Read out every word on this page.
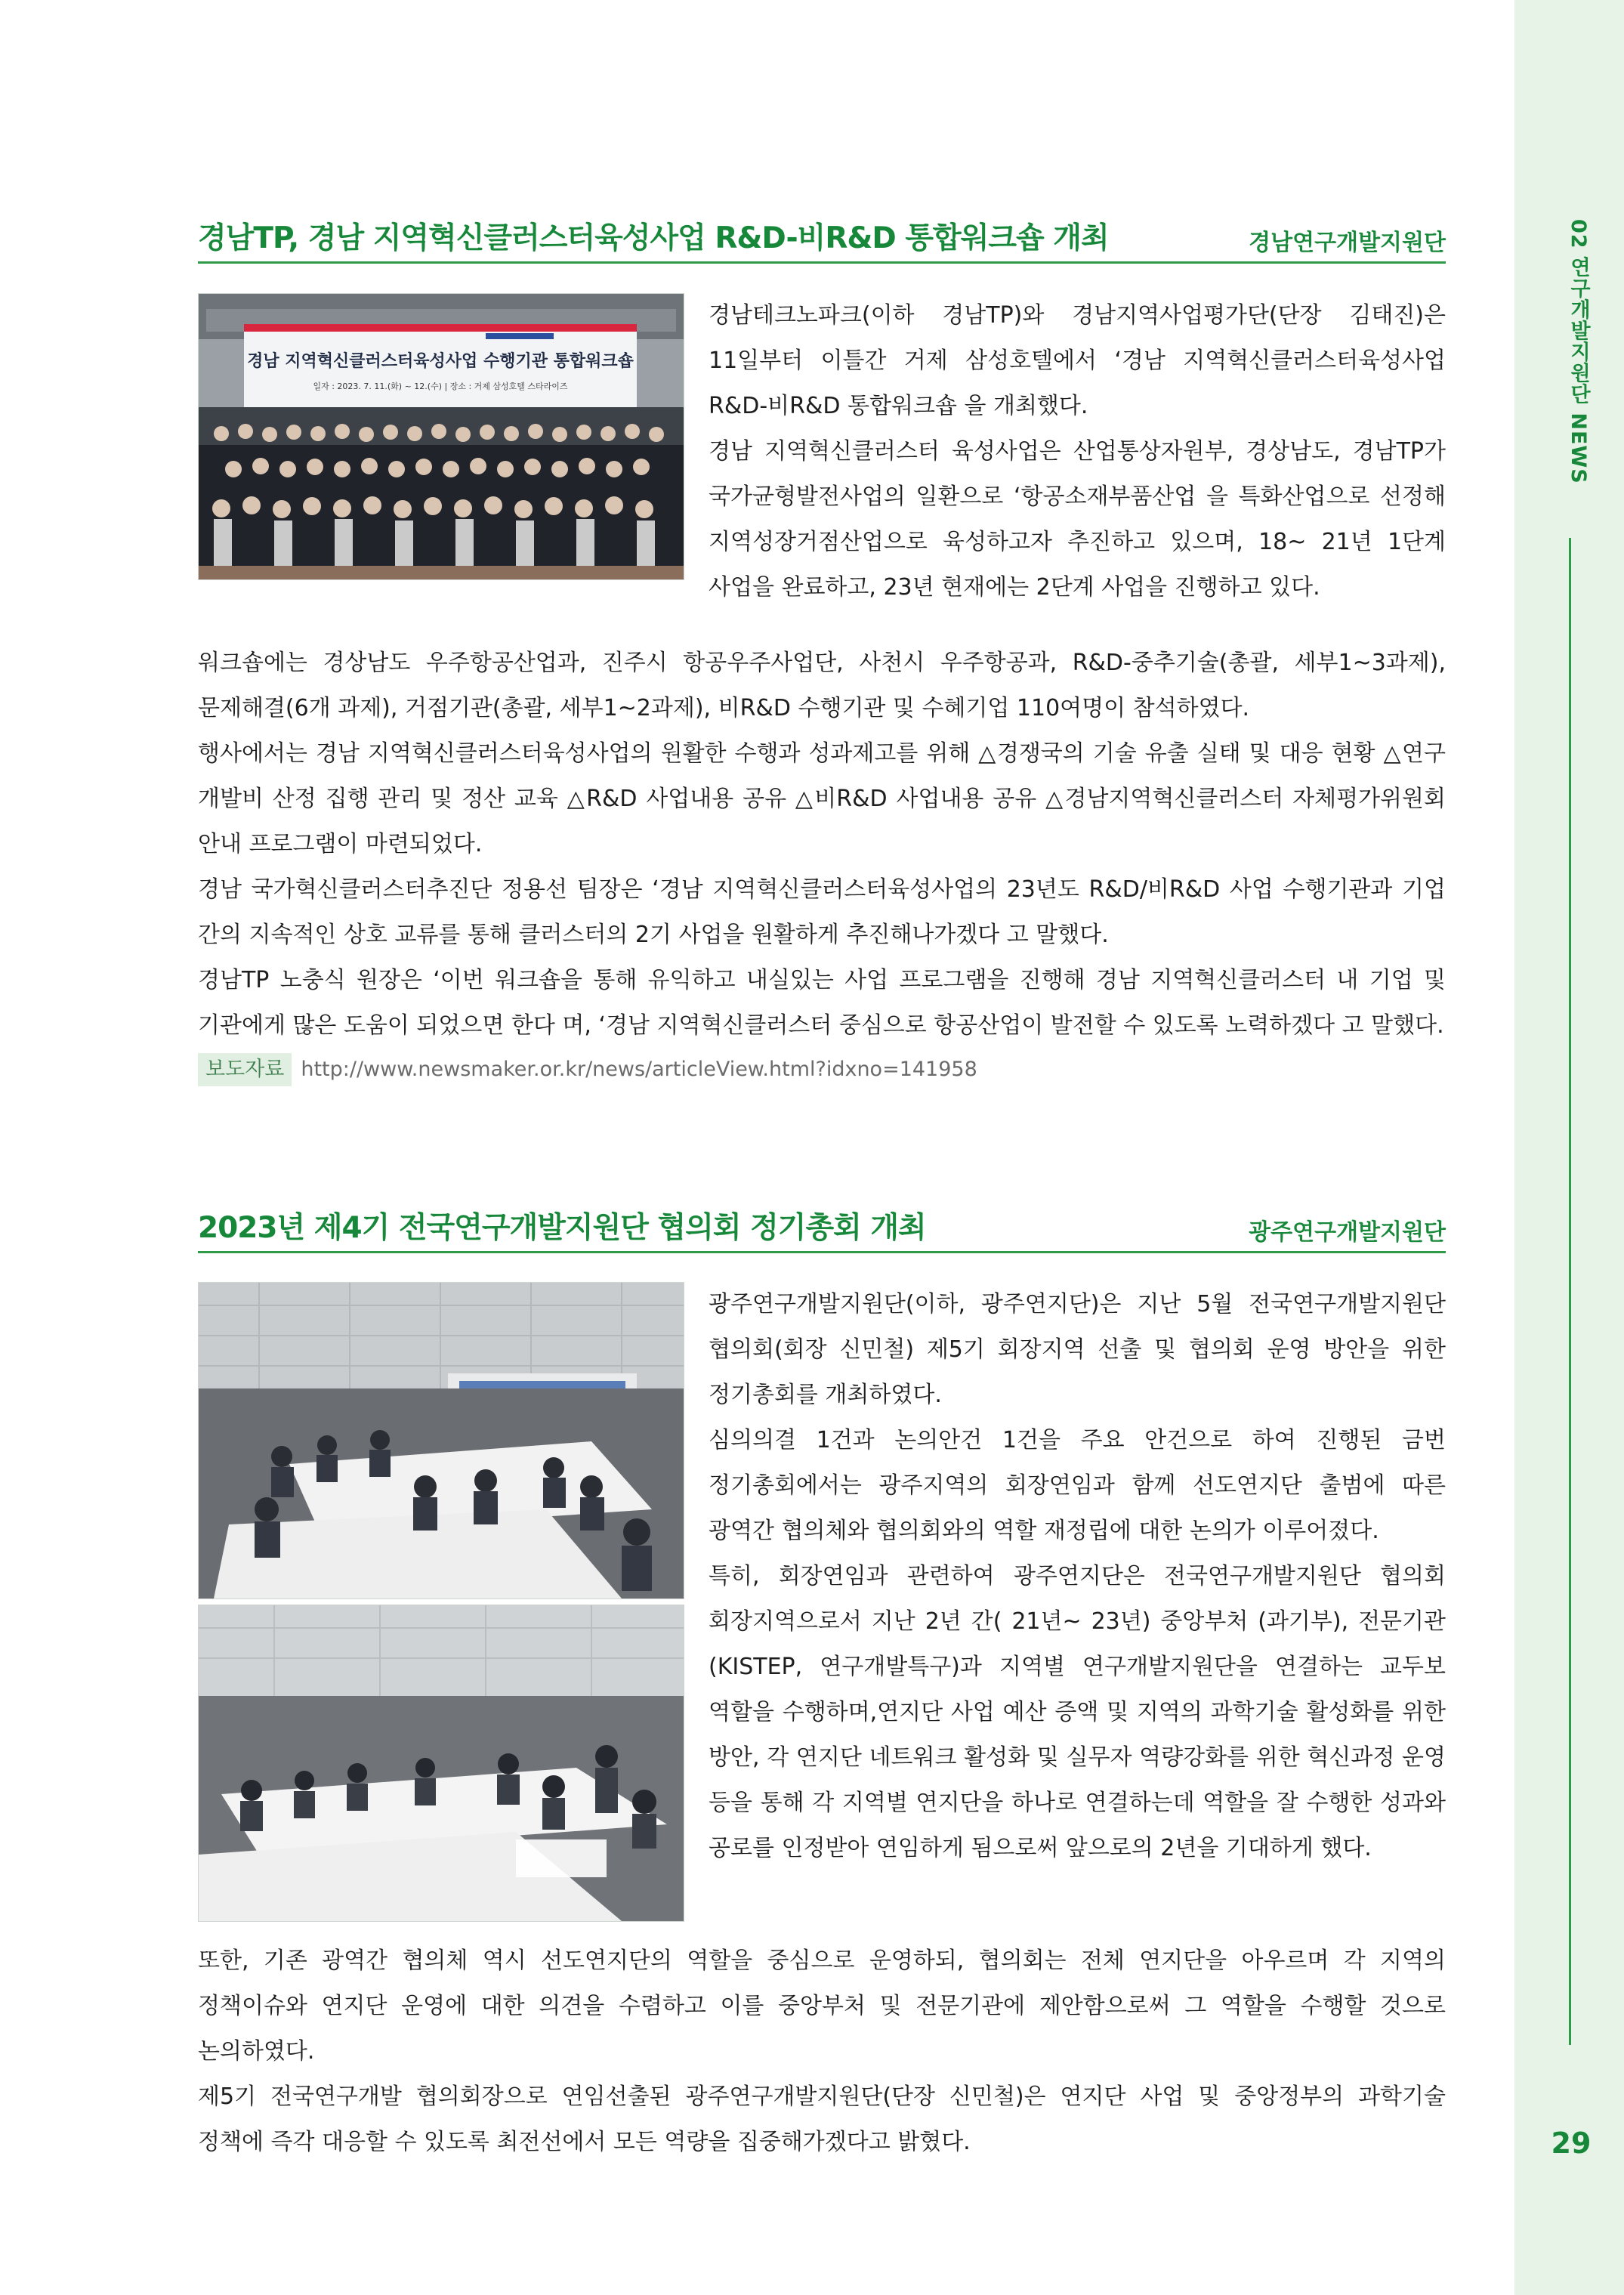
02 연구개발지원단 NEWS
29
경남TP, 경남 지역혁신클러스터육성사업 R&D-비R&D 통합워크숍 개최	경남연구개발지원단
경남 지역혁신클러스터육성사업 수행기관 통합워크숍
일자 : 2023. 7. 11.(화) ~ 12.(수) | 장소 : 거제 삼성호텔 스타라이즈

경남테크노파크(이하 경남TP)와 경남지역사업평가단(단장 김태진)은 11일부터 이틀간 거제 삼성호텔에서 ‘경남 지역혁신클러스터육성사업 R&D-비R&D 통합워크숍 을 개최했다.

경남 지역혁신클러스터 육성사업은 산업통상자원부, 경상남도, 경남TP가 국가균형발전사업의 일환으로 ‘항공소재부품산업 을 특화산업으로 선정해 지역성장거점산업으로 육성하고자 추진하고 있으며, 18~ 21년 1단계 사업을 완료하고, 23년 현재에는 2단계 사업을 진행하고 있다.

워크숍에는 경상남도 우주항공산업과, 진주시 항공우주사업단, 사천시 우주항공과, R&D-중추기술(총괄, 세부1~3과제), 문제해결(6개 과제), 거점기관(총괄, 세부1~2과제), 비R&D 수행기관 및 수혜기업 110여명이 참석하였다.

행사에서는 경남 지역혁신클러스터육성사업의 원활한 수행과 성과제고를 위해 △경쟁국의 기술 유출 실태 및 대응 현황 △연구 개발비 산정 집행 관리 및 정산 교육 △R&D 사업내용 공유 △비R&D 사업내용 공유 △경남지역혁신클러스터 자체평가위원회 안내 프로그램이 마련되었다.

경남 국가혁신클러스터추진단 정용선 팀장은 ‘경남 지역혁신클러스터육성사업의 23년도 R&D/비R&D 사업 수행기관과 기업 간의 지속적인 상호 교류를 통해 클러스터의 2기 사업을 원활하게 추진해나가겠다 고 말했다.

경남TP 노충식 원장은 ‘이번 워크숍을 통해 유익하고 내실있는 사업 프로그램을 진행해 경남 지역혁신클러스터 내 기업 및 기관에게 많은 도움이 되었으면 한다 며, ‘경남 지역혁신클러스터 중심으로 항공산업이 발전할 수 있도록 노력하겠다 고 말했다.

보도자료 http://www.newsmaker.or.kr/news/articleView.html?idxno=141958
2023년 제4기 전국연구개발지원단 협의회 정기총회 개최	광주연구개발지원단

광주연구개발지원단(이하, 광주연지단)은 지난 5월 전국연구개발지원단 협의회(회장 신민철) 제5기 회장지역 선출 및 협의회 운영 방안을 위한 정기총회를 개최하였다.

심의의결 1건과 논의안건 1건을 주요 안건으로 하여 진행된 금번 정기총회에서는 광주지역의 회장연임과 함께 선도연지단 출범에 따른 광역간 협의체와 협의회와의 역할 재정립에 대한 논의가 이루어졌다.

특히, 회장연임과 관련하여 광주연지단은 전국연구개발지원단 협의회 회장지역으로서 지난 2년 간( 21년~ 23년) 중앙부처 (과기부), 전문기관(KISTEP, 연구개발특구)과 지역별 연구개발지원단을 연결하는 교두보 역할을 수행하며,연지단 사업 예산 증액 및 지역의 과학기술 활성화를 위한 방안, 각 연지단 네트워크 활성화 및 실무자 역량강화를 위한 혁신과정 운영 등을 통해 각 지역별 연지단을 하나로 연결하는데 역할을 잘 수행한 성과와 공로를 인정받아 연임하게 됨으로써 앞으로의 2년을 기대하게 했다.

또한, 기존 광역간 협의체 역시 선도연지단의 역할을 중심으로 운영하되, 협의회는 전체 연지단을 아우르며 각 지역의 정책이슈와 연지단 운영에 대한 의견을 수렴하고 이를 중앙부처 및 전문기관에 제안함으로써 그 역할을 수행할 것으로 논의하였다.

제5기 전국연구개발 협의회장으로 연임선출된 광주연구개발지원단(단장 신민철)은 연지단 사업 및 중앙정부의 과학기술 정책에 즉각 대응할 수 있도록 최전선에서 모든 역량을 집중해가겠다고 밝혔다.
